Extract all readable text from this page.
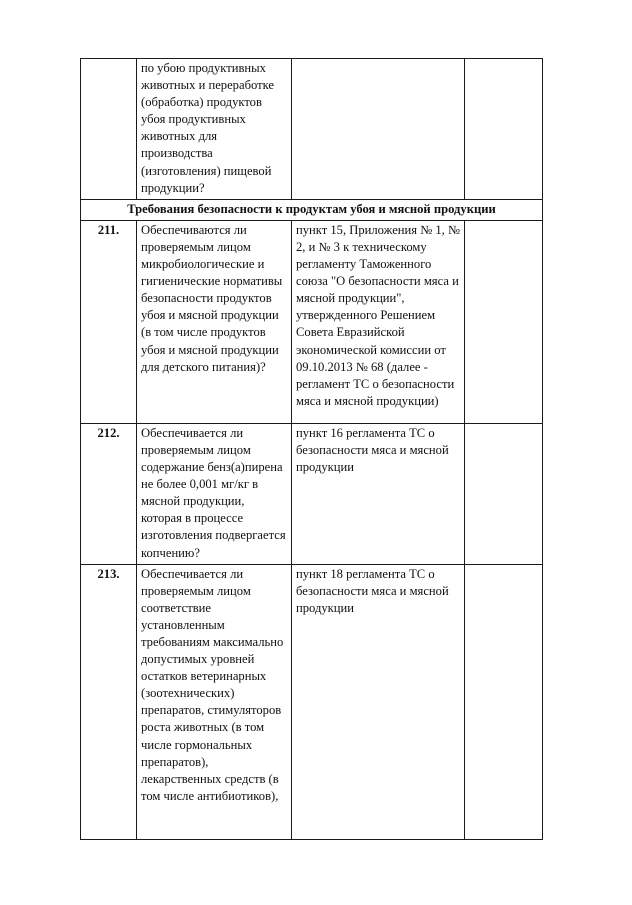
	по убою продуктивных животных и переработке (обработка) продуктов убоя продуктивных животных для производства (изготовления) пищевой продукции?		

Требования безопасности к продуктам убоя и мясной продукции			
211.	Обеспечиваются ли проверяемым лицом микробиологические и гигиенические нормативы безопасности продуктов убоя и мясной продукции (в том числе продуктов убоя и мясной продукции для детского питания)?	пункт 15, Приложения № 1, № 2, и № 3 к техническому регламенту Таможенного союза "О безопасности мяса и мясной продукции", утвержденного Решением Совета Евразийской экономической комиссии от 09.10.2013 № 68 (далее - регламент ТС о безопасности мяса и мясной продукции)	

212.	Обеспечивается ли проверяемым лицом содержание бенз(а)пирена не более 0,001 мг/кг в мясной продукции, которая в процессе изготовления подвергается копчению?	пункт 16 регламента ТС о безопасности мяса и мясной продукции	

213.	Обеспечивается ли проверяемым лицом соответствие установленным требованиям максимально допустимых уровней остатков ветеринарных (зоотехнических) препаратов, стимуляторов роста животных (в том числе гормональных препаратов), лекарственных средств (в том числе антибиотиков),	пункт 18 регламента ТС о безопасности мяса и мясной продукции	
